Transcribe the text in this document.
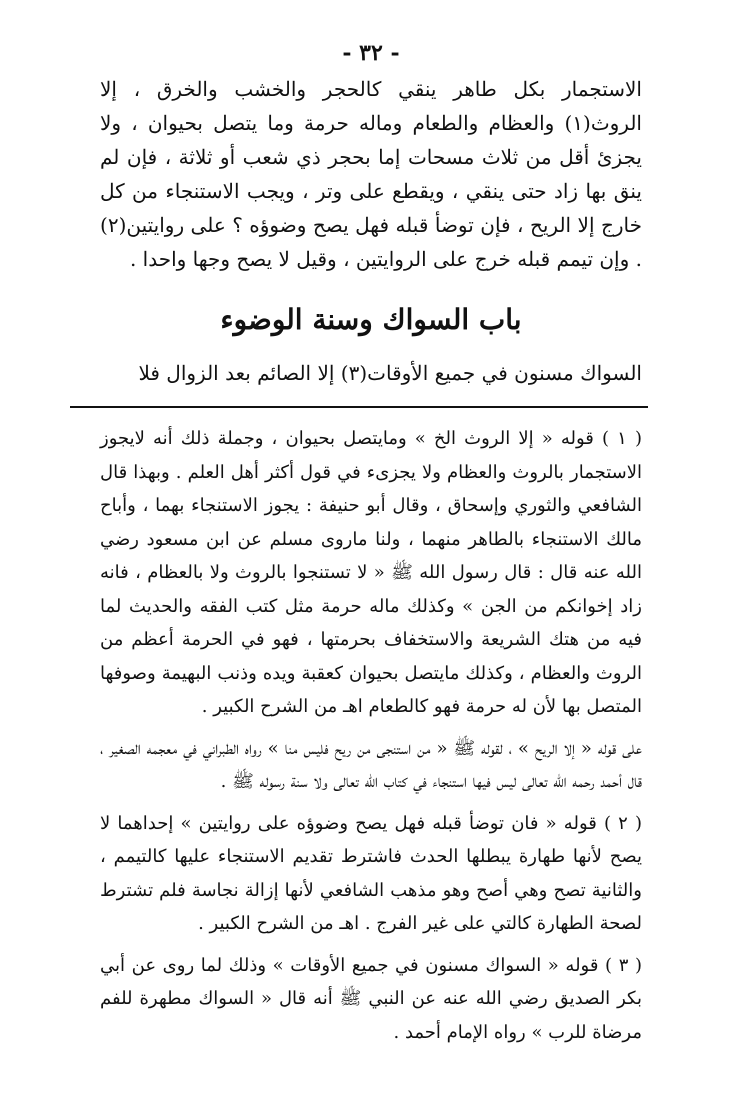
- ٣٢ -

الاستجمار بكل طاهر ينقي كالحجر والخشب والخرق ، إلا الروث(١) والعظام والطعام وماله حرمة وما يتصل بحيوان ، ولا يجزئ أقل من ثلاث مسحات إما بحجر ذي شعب أو ثلاثة ، فإن لم ينق بها زاد حتى ينقي ، ويقطع على وتر ، ويجب الاستنجاء من كل خارج إلا الريح ، فإن توضأ قبله فهل يصح وضوؤه ؟ على روايتين(٢) . وإن تيمم قبله خرج على الروايتين ، وقيل لا يصح وجها واحدا .

باب السواك وسنة الوضوء

السواك مسنون في جميع الأوقات(٣) إلا الصائم بعد الزوال فلا

( ١ ) قوله « إلا الروث الخ » ومايتصل بحيوان ، وجملة ذلك أنه لايجوز الاستجمار بالروث والعظام ولا يجزىء في قول أكثر أهل العلم . وبهذا قال الشافعي والثوري وإسحاق ، وقال أبو حنيفة : يجوز الاستنجاء بهما ، وأباح مالك الاستنجاء بالطاهر منهما ، ولنا ماروى مسلم عن ابن مسعود رضي الله عنه قال : قال رسول الله ﷺ « لا تستنجوا بالروث ولا بالعظام ، فانه زاد إخوانكم من الجن » وكذلك ماله حرمة مثل كتب الفقه والحديث لما فيه من هتك الشريعة والاستخفاف بحرمتها ، فهو في الحرمة أعظم من الروث والعظام ، وكذلك مايتصل بحيوان كعقبة ويده وذنب البهيمة وصوفها المتصل بها لأن له حرمة فهو كالطعام اهـ من الشرح الكبير .

على قوله « إلا الريح » ، لقوله ﷺ « من استنجى من ريح فليس منا » رواه الطبراني في معجمه الصغير ، قال أحمد رحمه الله تعالى ليس فيها استنجاء في كتاب الله تعالى ولا سنة رسوله ﷺ .

( ٢ ) قوله « فان توضأ قبله فهل يصح وضوؤه على روايتين » إحداهما لا يصح لأنها طهارة يبطلها الحدث فاشترط تقديم الاستنجاء عليها كالتيمم ، والثانية تصح وهي أصح وهو مذهب الشافعي لأنها إزالة نجاسة فلم تشترط لصحة الطهارة كالتي على غير الفرج . اهـ من الشرح الكبير .

( ٣ ) قوله « السواك مسنون في جميع الأوقات » وذلك لما روى عن أبي بكر الصديق رضي الله عنه عن النبي ﷺ أنه قال « السواك مطهرة للفم مرضاة للرب » رواه الإمام أحمد .
